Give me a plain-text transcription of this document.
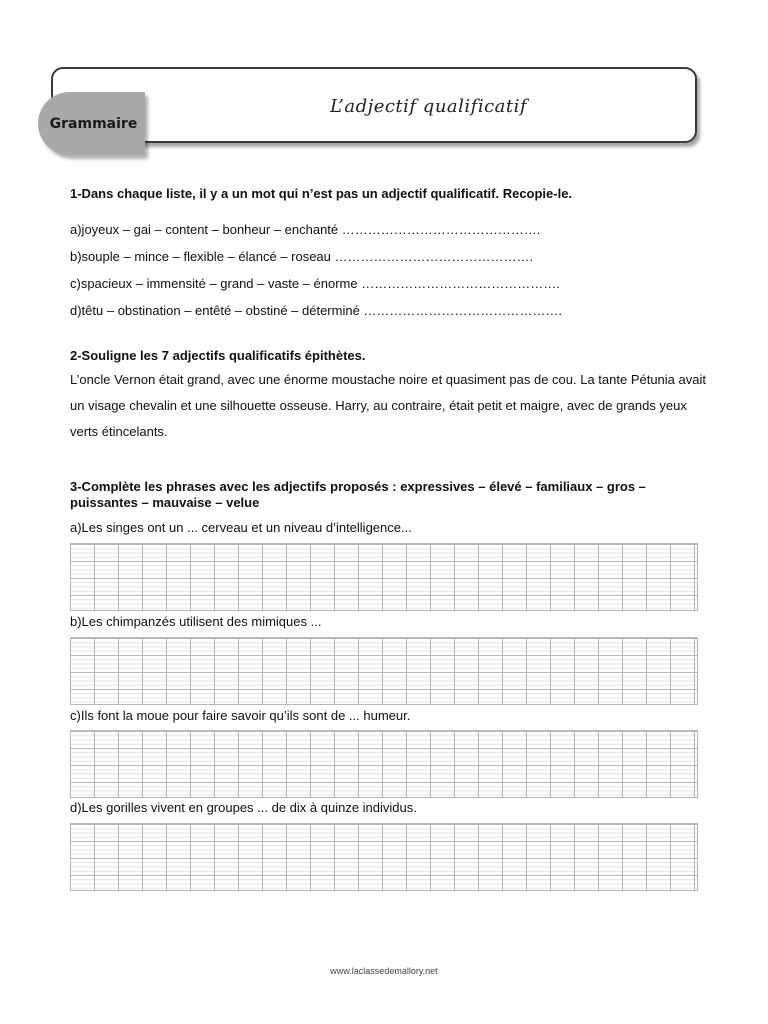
Grammaire
L’adjectif qualificatif
1-Dans chaque liste, il y a un mot qui n’est pas un adjectif qualificatif. Recopie-le.
a)joyeux – gai – content – bonheur – enchanté ……………………………………….
b)souple – mince – flexible – élancé – roseau ……………………………………….
c)spacieux – immensité – grand – vaste – énorme ……………………………………….
d)têtu – obstination – entêté – obstiné – déterminé ……………………………………….
2-Souligne les 7 adjectifs qualificatifs épithètes.
L’oncle Vernon était grand, avec une énorme moustache noire et quasiment pas de cou. La tante Pétunia avait un visage chevalin et une silhouette osseuse. Harry, au contraire, était petit et maigre, avec de grands yeux verts étincelants.
3-Complète les phrases avec les adjectifs proposés : expressives – élevé – familiaux – gros –
puissantes – mauvaise – velue
a)Les singes ont un ... cerveau et un niveau d’intelligence...
b)Les chimpanzés utilisent des mimiques ...
c)Ils font la moue pour faire savoir qu’ils sont de ... humeur.
d)Les gorilles vivent en groupes ... de dix à quinze individus.
www.laclassedemallory.net
